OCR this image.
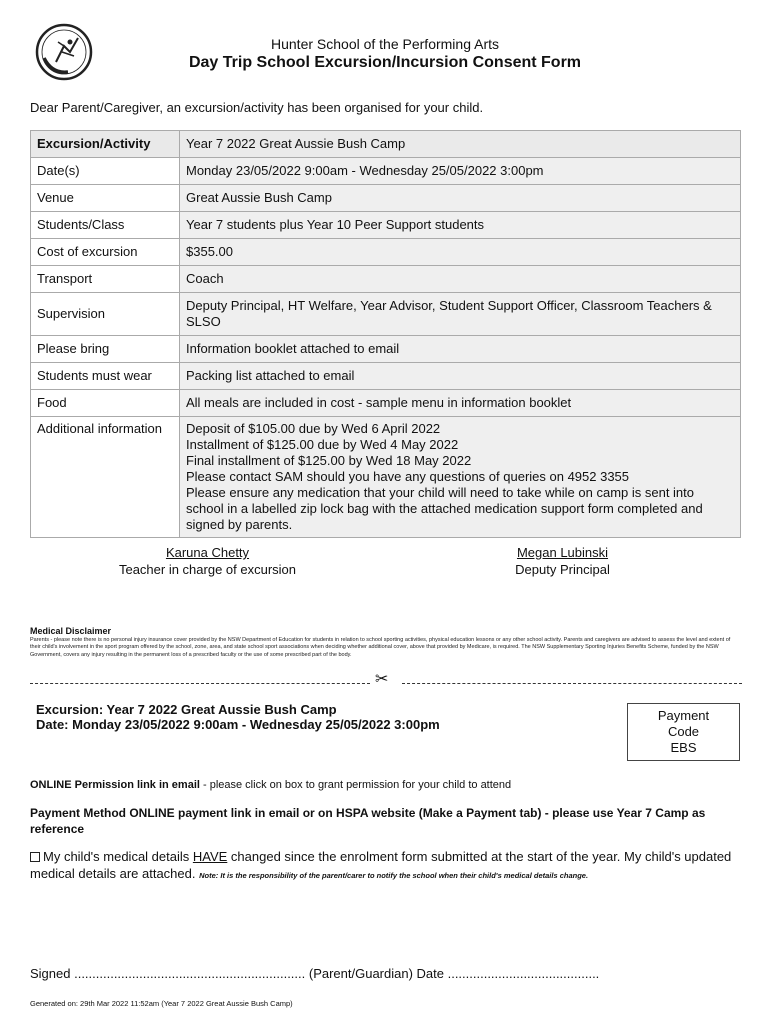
Hunter School of the Performing Arts
Day Trip School Excursion/Incursion Consent Form
Dear Parent/Caregiver, an excursion/activity has been organised for your child.
Excursion/Activity	Year 7 2022 Great Aussie Bush Camp
Date(s)	Monday 23/05/2022 9:00am - Wednesday 25/05/2022 3:00pm
Venue	Great Aussie Bush Camp
Students/Class	Year 7 students plus Year 10 Peer Support students
Cost of excursion	$355.00
Transport	Coach
Supervision	Deputy Principal, HT Welfare, Year Advisor, Student Support Officer, Classroom Teachers & SLSO
Please bring	Information booklet attached to email
Students must wear	Packing list attached to email
Food	All meals are included in cost - sample menu in information booklet
Additional information	Deposit of $105.00 due by Wed 6 April 2022
Installment of $125.00 due by Wed 4 May 2022
Final installment of $125.00 by Wed 18 May 2022
Please contact SAM should you have any questions of queries on 4952 3355
Please ensure any medication that your child will need to take while on camp is sent into school in a labelled zip lock bag with the attached medication support form completed and signed by parents.
Karuna Chetty
Teacher in charge of excursion
Megan Lubinski
Deputy Principal
Medical Disclaimer
Parents - please note there is no personal injury insurance cover provided by the NSW Department of Education for students in relation to school sporting activities, physical education lessons or any other school activity. Parents and caregivers are advised to assess the level and extent of their child's involvement in the sport program offered by the school, zone, area, and state school sport associations when deciding whether additional cover, above that provided by Medicare, is required. The NSW Supplementary Sporting Injuries Benefits Scheme, funded by the NSW Government, covers any injury resulting in the permanent loss of a prescribed faculty or the use of some prescribed part of the body.
✂
Excursion: Year 7 2022 Great Aussie Bush Camp
Date: Monday 23/05/2022 9:00am - Wednesday 25/05/2022 3:00pm
Payment
Code
EBS
ONLINE Permission link in email - please click on box to grant permission for your child to attend
Payment Method ONLINE payment link in email or on HSPA website (Make a Payment tab) - please use Year 7 Camp as reference
My child's medical details HAVE changed since the enrolment form submitted at the start of the year. My child's updated medical details are attached. Note: It is the responsibility of the parent/carer to notify the school when their child's medical details change.
Signed ................................................................ (Parent/Guardian) Date ..........................................
Generated on: 29th Mar 2022 11:52am (Year 7 2022 Great Aussie Bush Camp)
